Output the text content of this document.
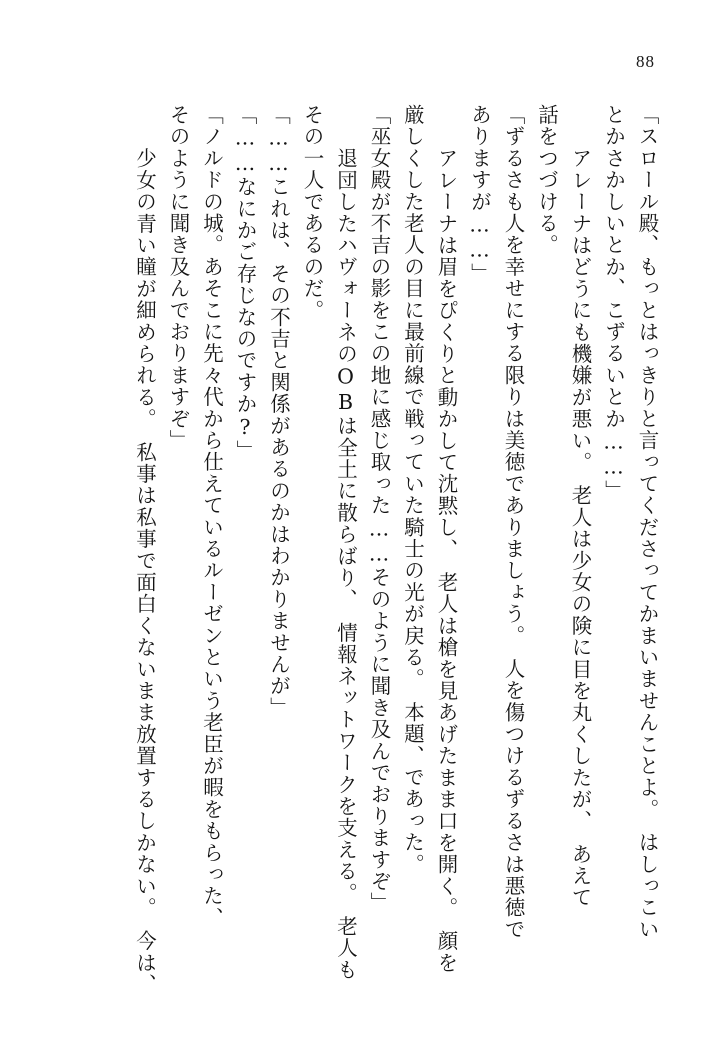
88
「スロール殿、もっとはっきりと言ってくださってかまいませんことよ。　はしっこい
とかさかしいとか、こずるいとか……」
　アレーナはどうにも機嫌が悪い。　老人は少女の険に目を丸くしたが、　あえて
話をつづける。
「ずるさも人を幸せにする限りは美徳でありましょう。　人を傷つけるずるさは悪徳で
ありますが……」
　アレーナは眉をぴくりと動かして沈黙し、　老人は槍を見あげたまま口を開く。　顔を
厳しくした老人の目に最前線で戦っていた騎士の光が戻る。　本題、であった。
「巫女殿が不吉の影をこの地に感じ取った……そのように聞き及んでおりますぞ」
　退団したハヴォーネのOBは全土に散らばり、　情報ネットワークを支える。　老人も
その一人であるのだ。
「……これは、その不吉と関係があるのかはわかりませんが」
「……なにかご存じなのですか?」
「ノルドの城。あそこに先々代から仕えているルーゼンという老臣が暇をもらった、
そのように聞き及んでおりますぞ」
　少女の青い瞳が細められる。　私事は私事で面白くないまま放置するしかない。　今は、
